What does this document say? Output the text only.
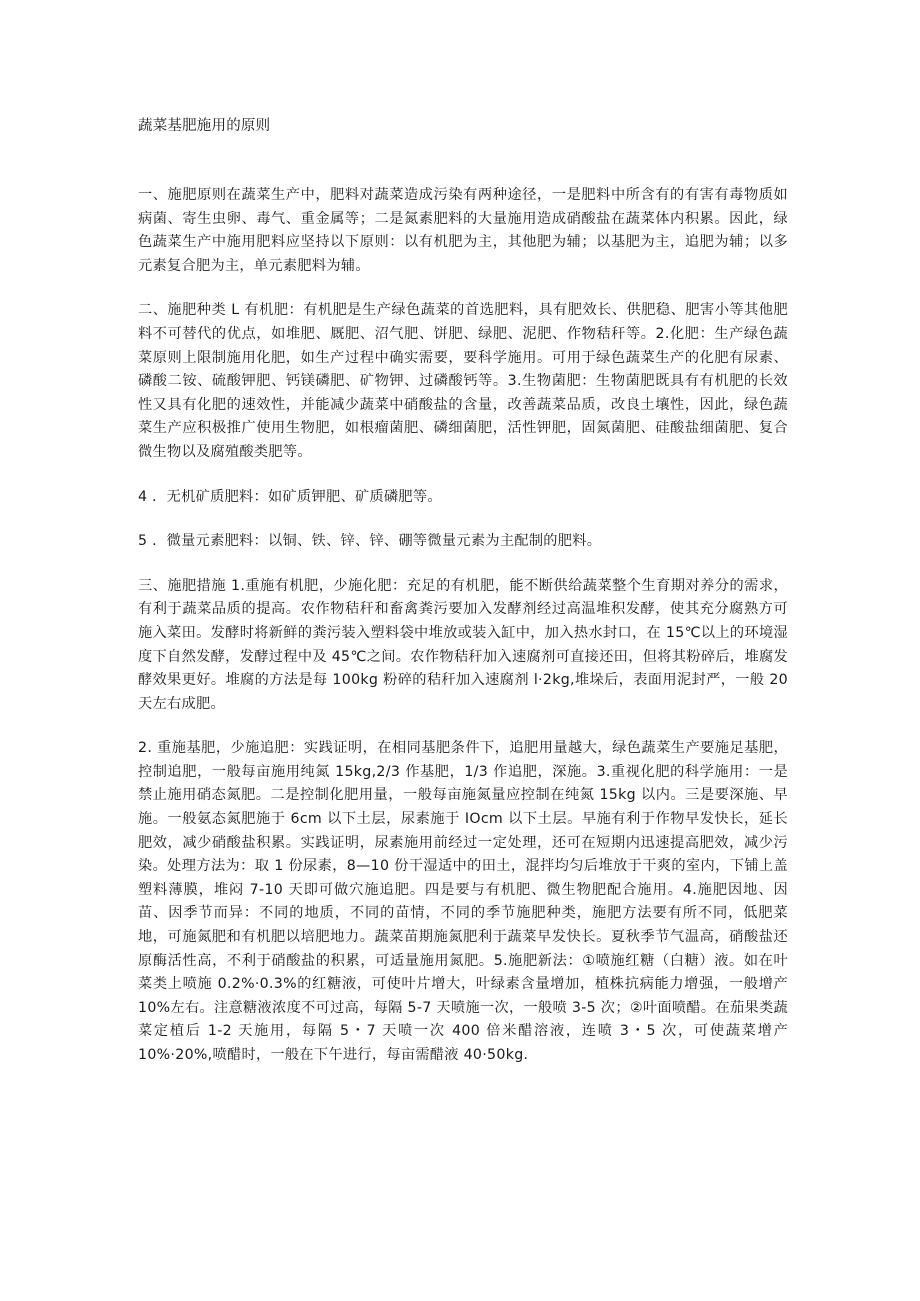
蔬菜基肥施用的原则

一、施肥原则在蔬菜生产中，肥料对蔬菜造成污染有两种途径，一是肥料中所含有的有害有毒物质如病菌、寄生虫卵、毒气、重金属等；二是氮素肥料的大量施用造成硝酸盐在蔬菜体内积累。因此，绿色蔬菜生产中施用肥料应坚持以下原则：以有机肥为主，其他肥为辅；以基肥为主，追肥为辅；以多元素复合肥为主，单元素肥料为辅。

二、施肥种类 L 有机肥：有机肥是生产绿色蔬菜的首选肥料，具有肥效长、供肥稳、肥害小等其他肥料不可替代的优点，如堆肥、厩肥、沼气肥、饼肥、绿肥、泥肥、作物秸秆等。2.化肥：生产绿色蔬菜原则上限制施用化肥，如生产过程中确实需要，要科学施用。可用于绿色蔬菜生产的化肥有尿素、磷酸二铵、硫酸钾肥、钙镁磷肥、矿物钾、过磷酸钙等。3.生物菌肥：生物菌肥既具有有机肥的长效性又具有化肥的速效性，并能减少蔬菜中硝酸盐的含量，改善蔬菜品质，改良土壤性，因此，绿色蔬菜生产应积极推广使用生物肥，如根瘤菌肥、磷细菌肥，活性钾肥，固氮菌肥、硅酸盐细菌肥、复合微生物以及腐殖酸类肥等。

4 ．无机矿质肥料：如矿质钾肥、矿质磷肥等。

5 ．微量元素肥料：以铜、铁、锌、锌、硼等微量元素为主配制的肥料。

三、施肥措施 1.重施有机肥，少施化肥：充足的有机肥，能不断供给蔬菜整个生育期对养分的需求，有利于蔬菜品质的提高。农作物秸秆和畜禽粪污要加入发酵剂经过高温堆积发酵，使其充分腐熟方可施入菜田。发酵时将新鲜的粪污装入塑料袋中堆放或装入缸中，加入热水封口，在 15℃以上的环境湿度下自然发酵，发酵过程中及 45℃之间。农作物秸秆加入速腐剂可直接还田，但将其粉碎后，堆腐发酵效果更好。堆腐的方法是每 100kg 粉碎的秸秆加入速腐剂 l·2kg,堆垛后，表面用泥封严，一般 20 天左右成肥。

2. 重施基肥，少施追肥：实践证明，在相同基肥条件下，追肥用量越大，绿色蔬菜生产要施足基肥，控制追肥，一般每亩施用纯氮 15kg,2/3 作基肥，1/3 作追肥，深施。3.重视化肥的科学施用：一是禁止施用硝态氮肥。二是控制化肥用量，一般每亩施氮量应控制在纯氮 15kg 以内。三是要深施、早施。一般氨态氮肥施于 6cm 以下土层，尿素施于 IOcm 以下土层。早施有利于作物早发快长，延长肥效，减少硝酸盐积累。实践证明，尿素施用前经过一定处理，还可在短期内迅速提高肥效，减少污染。处理方法为：取 1 份尿素，8—10 份干湿适中的田土，混拌均匀后堆放于干爽的室内，下铺上盖塑料薄膜，堆闷 7-10 天即可做穴施追肥。四是要与有机肥、微生物肥配合施用。4.施肥因地、因苗、因季节而异：不同的地质，不同的苗情，不同的季节施肥种类，施肥方法要有所不同，低肥菜地，可施氮肥和有机肥以培肥地力。蔬菜苗期施氮肥利于蔬菜早发快长。夏秋季节气温高，硝酸盐还原酶活性高，不利于硝酸盐的积累，可适量施用氮肥。5.施肥新法：①喷施红糖（白糖）液。如在叶菜类上喷施 0.2%·0.3%的红糖液，可使叶片增大，叶绿素含量增加，植株抗病能力增强，一般增产 10%左右。注意糖液浓度不可过高，每隔 5-7 天喷施一次，一般喷 3-5 次；②叶面喷醋。在茄果类蔬菜定植后 1-2 天施用，每隔 5・7 天喷一次 400 倍米醋溶液，连喷 3・5 次，可使蔬菜增产 10%·20%,喷醋时，一般在下午进行，每亩需醋液 40·50kg.
